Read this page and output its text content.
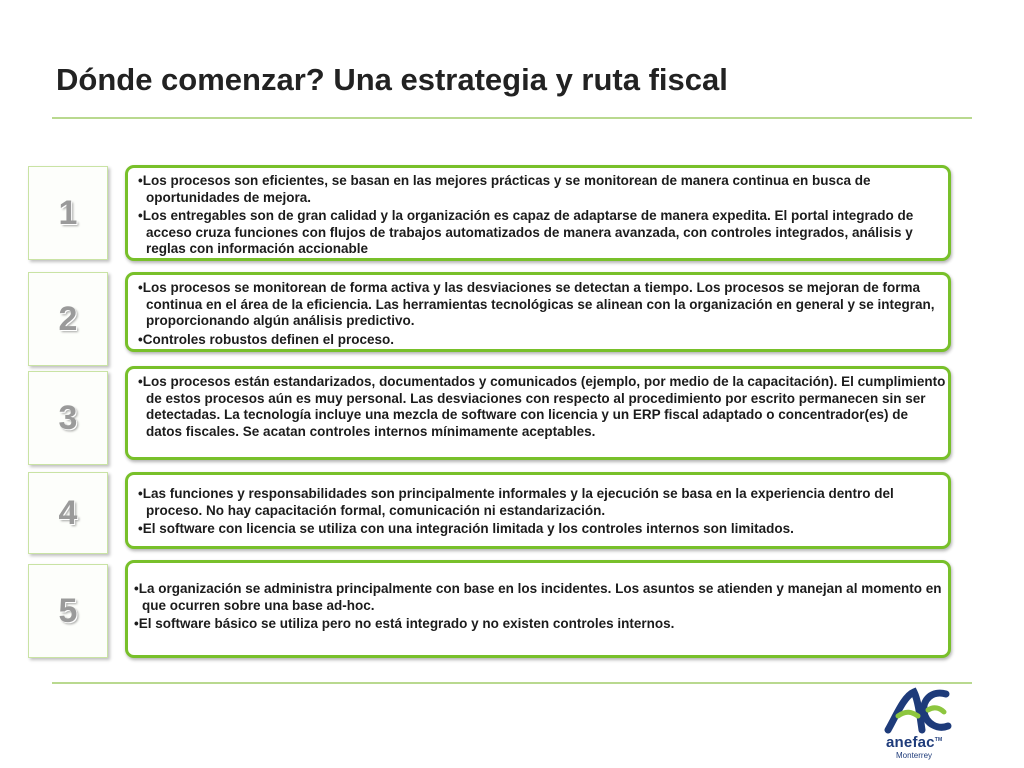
Dónde comenzar? Una estrategia y ruta fiscal
1
• Los procesos son eficientes, se basan en las mejores prácticas y se monitorean de manera continua en busca de oportunidades de mejora.
• Los entregables son de gran calidad y la organización es capaz de adaptarse de manera expedita. El portal integrado de acceso cruza funciones con flujos de trabajos automatizados de manera avanzada, con controles integrados, análisis y reglas con información accionable
2
• Los procesos se monitorean de forma activa y las desviaciones se detectan a tiempo. Los procesos se mejoran de forma continua en el área de la eficiencia. Las herramientas tecnológicas se alinean con la organización en general y se integran, proporcionando algún análisis predictivo.
• Controles robustos definen el proceso.
3
• Los procesos están estandarizados, documentados y comunicados (ejemplo, por medio de la capacitación). El cumplimiento de estos procesos aún es muy personal. Las desviaciones con respecto al procedimiento por escrito permanecen sin ser detectadas. La tecnología incluye una mezcla de software con licencia y un ERP fiscal adaptado o concentrador(es) de datos fiscales. Se acatan controles internos mínimamente aceptables.
4
•	Las funciones y responsabilidades son principalmente informales y la ejecución se basa en la experiencia dentro del proceso. No hay capacitación formal, comunicación ni estandarización.
• El software con licencia se utiliza con una integración limitada y los controles internos son limitados.
5
• La organización se administra principalmente con base en los incidentes. Los asuntos se atienden y manejan al momento en que ocurren sobre una base ad-hoc.
• El software básico se utiliza pero no está integrado y no existen controles internos.
anefac™
Monterrey
